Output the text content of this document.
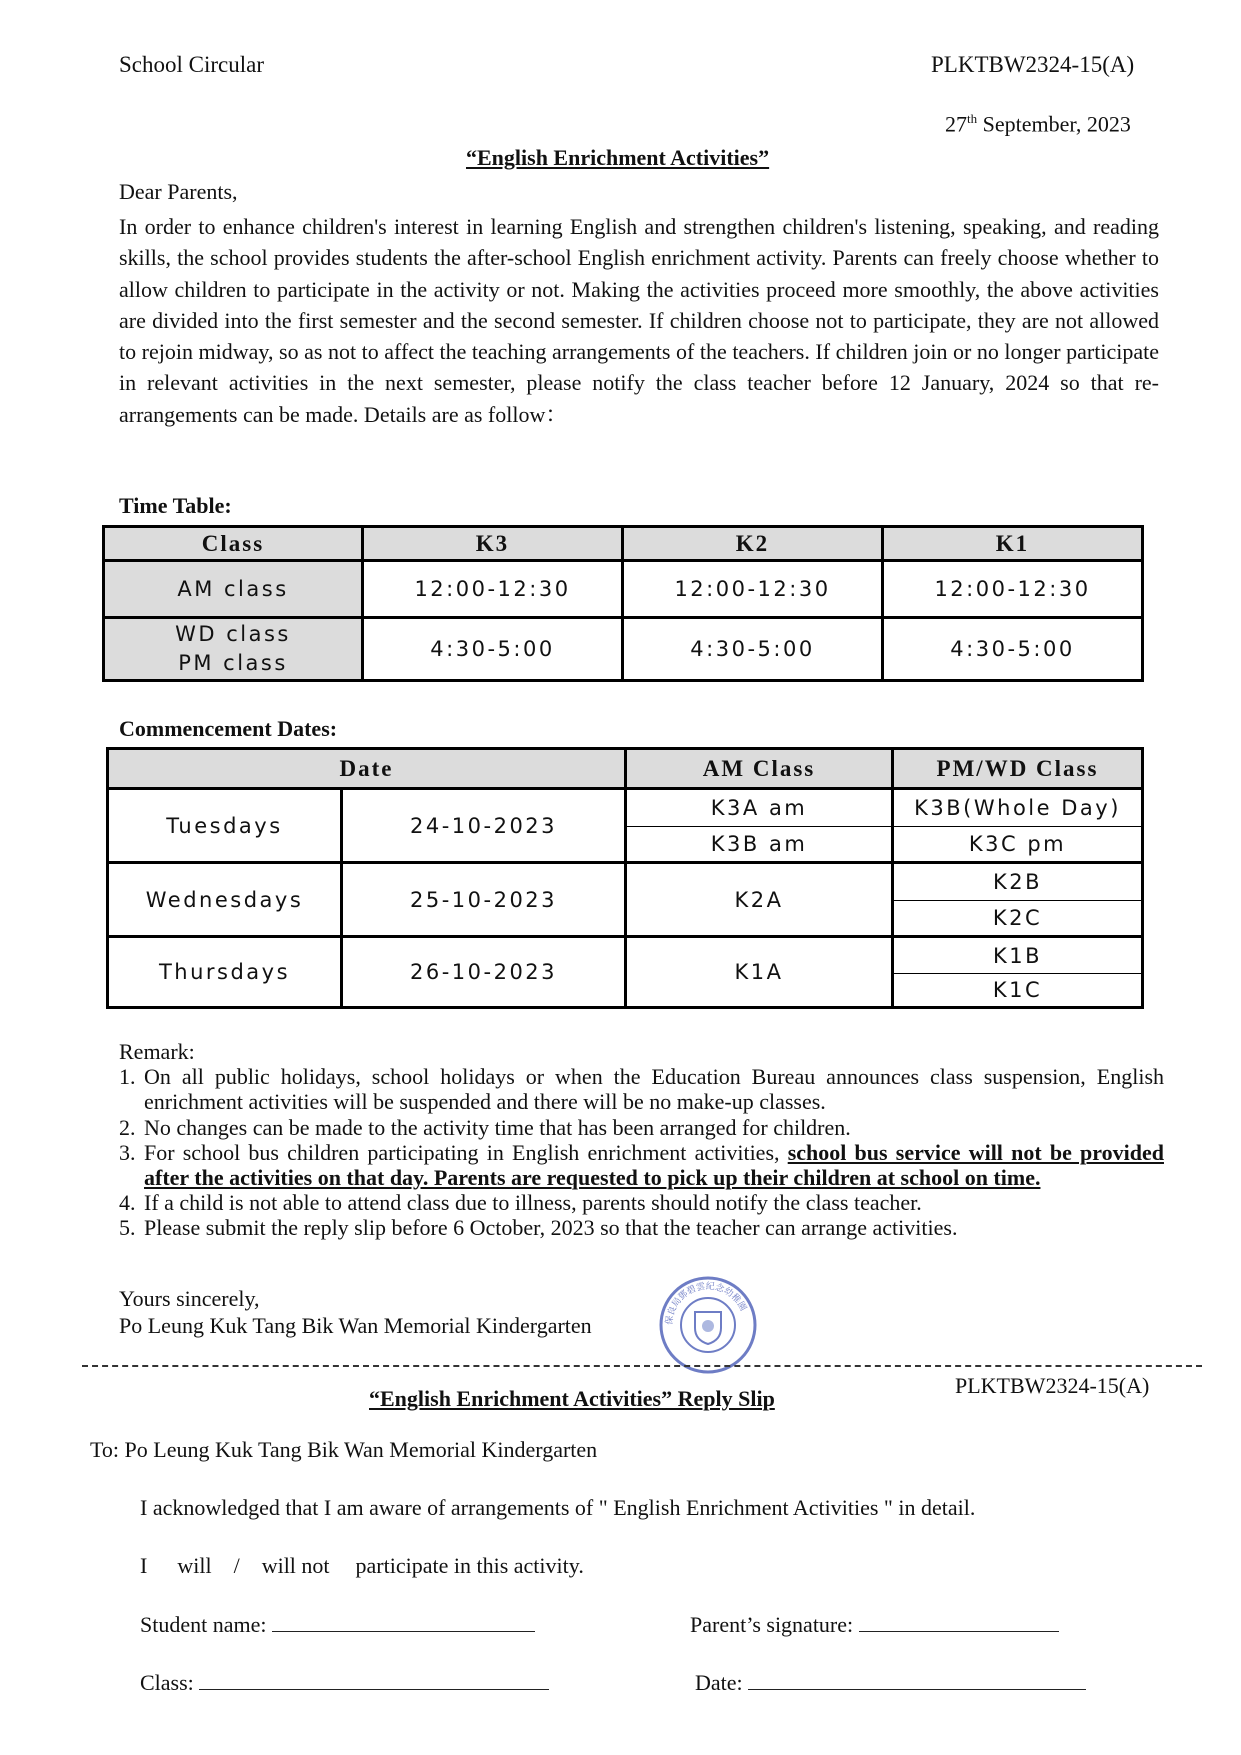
School Circular	PLKTBW2324-15(A)
27th September, 2023
“English Enrichment Activities”
Dear Parents,

In order to enhance children's interest in learning English and strengthen children's listening, speaking, and reading skills, the school provides students the after-school English enrichment activity. Parents can freely choose whether to allow children to participate in the activity or not. Making the activities proceed more smoothly, the above activities are divided into the first semester and the second semester. If children choose not to participate, they are not allowed to rejoin midway, so as not to affect the teaching arrangements of the teachers. If children join or no longer participate in relevant activities in the next semester, please notify the class teacher before 12 January, 2024 so that re-arrangements can be made. Details are as follow：

Time Table:
Class	K3	K2	K1
AM class	12:00-12:30	12:00-12:30	12:00-12:30

WD class
PM class	4:30-5:00	4:30-5:00	4:30-5:00
Commencement Dates:
Date		AM Class	PM/WD Class
Tuesdays	24-10-2023	K3A am	K3B(Whole Day)
		K3B am	K3C pm
Wednesdays	25-10-2023	K2A	K2B
			K2C
Thursdays	26-10-2023	K1A	K1B
			K1C
Remark:
1. On all public holidays, school holidays or when the Education Bureau announces class suspension, English enrichment activities will be suspended and there will be no make-up classes.
2. No changes can be made to the activity time that has been arranged for children.
3. For school bus children participating in English enrichment activities, school bus service will not be provided after the activities on that day. Parents are requested to pick up their children at school on time.
4. If a child is not able to attend class due to illness, parents should notify the class teacher.
5. Please submit the reply slip before 6 October, 2023 so that the teacher can arrange activities.
Yours sincerely,
Po Leung Kuk Tang Bik Wan Memorial Kindergarten	保良局鄧碧雲紀念幼稚園
PLKTBW2324-15(A)
“English Enrichment Activities” Reply Slip
To: Po Leung Kuk Tang Bik Wan Memorial Kindergarten
I acknowledged that I am aware of arrangements of " English Enrichment Activities " in detail.
I will / will not participate in this activity.
Student name:	Parent’s signature:
Class:	Date:
